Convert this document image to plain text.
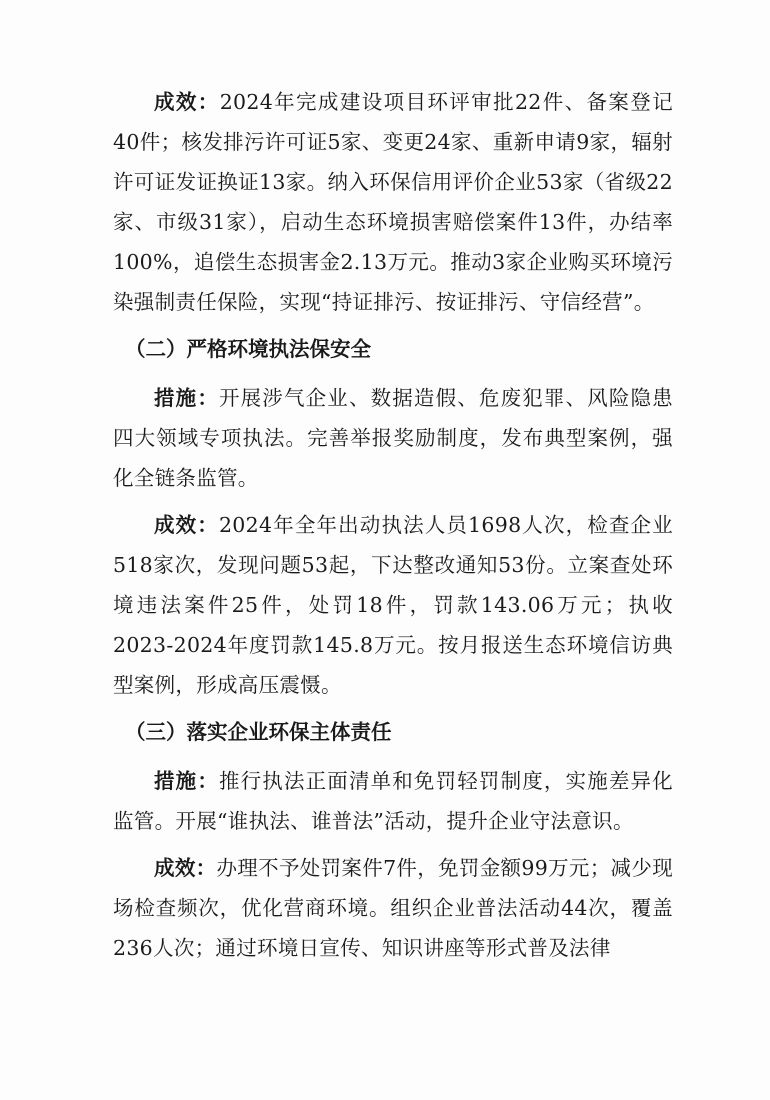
成效：2024年完成建设项目环评审批22件、备案登记40件；核发排污许可证5家、变更24家、重新申请9家，辐射许可证发证换证13家。纳入环保信用评价企业53家（省级22家、市级31家），启动生态环境损害赔偿案件13件，办结率100%，追偿生态损害金2.13万元。推动3家企业购买环境污染强制责任保险，实现“持证排污、按证排污、守信经营”。

（二）严格环境执法保安全

措施：开展涉气企业、数据造假、危废犯罪、风险隐患四大领域专项执法。完善举报奖励制度，发布典型案例，强化全链条监管。

成效：2024年全年出动执法人员1698人次，检查企业518家次，发现问题53起，下达整改通知53份。立案查处环境违法案件25件，处罚18件，罚款143.06万元；执收2023-2024年度罚款145.8万元。按月报送生态环境信访典型案例，形成高压震慑。

（三）落实企业环保主体责任

措施：推行执法正面清单和免罚轻罚制度，实施差异化监管。开展“谁执法、谁普法”活动，提升企业守法意识。

成效：办理不予处罚案件7件，免罚金额99万元；减少现场检查频次，优化营商环境。组织企业普法活动44次，覆盖236人次；通过环境日宣传、知识讲座等形式普及法律
